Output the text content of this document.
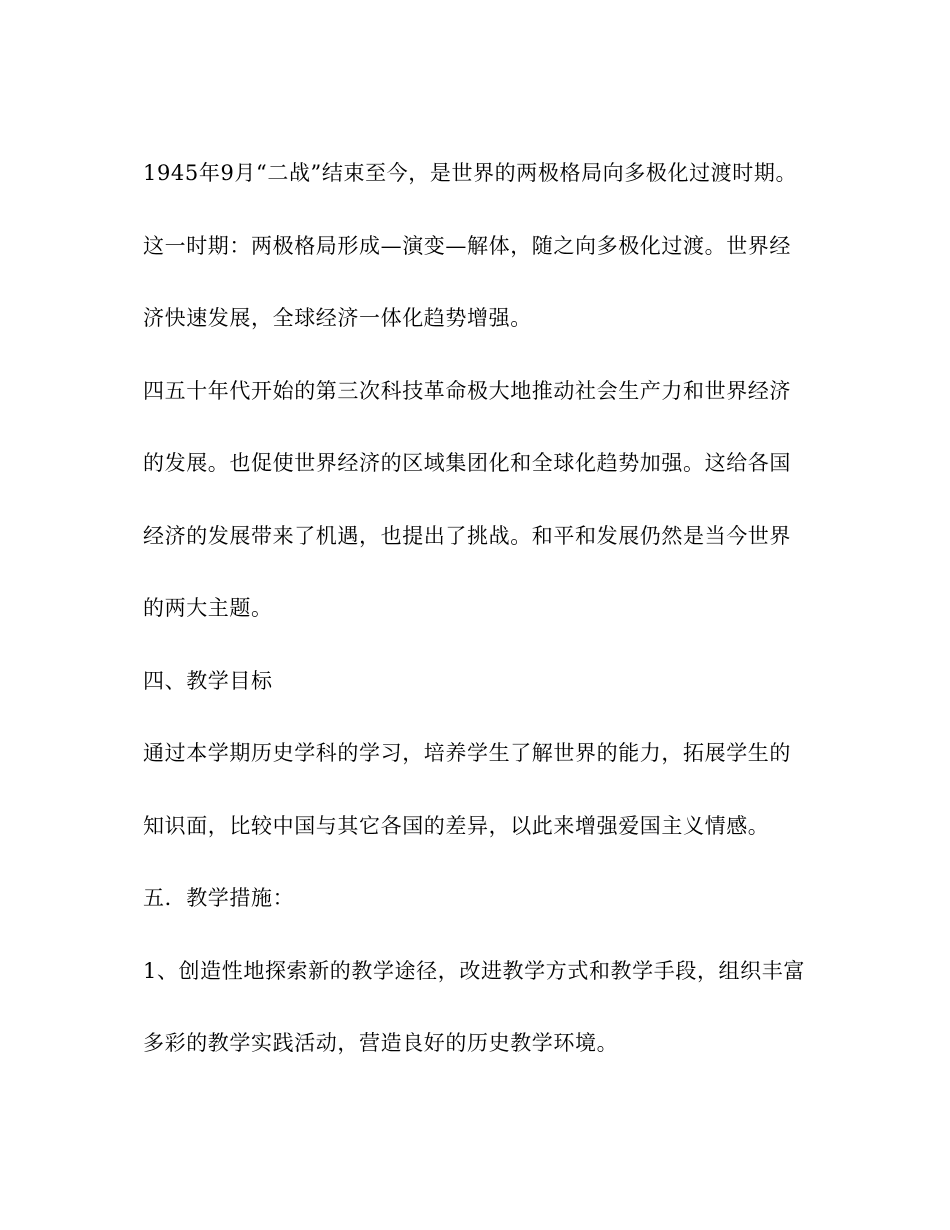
1945年9月“二战”结束至今，是世界的两极格局向多极化过渡时期。

这一时期：两极格局形成—演变—解体，随之向多极化过渡。世界经

济快速发展，全球经济一体化趋势增强。

四五十年代开始的第三次科技革命极大地推动社会生产力和世界经济

的发展。也促使世界经济的区域集团化和全球化趋势加强。这给各国

经济的发展带来了机遇，也提出了挑战。和平和发展仍然是当今世界

的两大主题。

四、教学目标

通过本学期历史学科的学习，培养学生了解世界的能力，拓展学生的

知识面，比较中国与其它各国的差异，以此来增强爱国主义情感。

五．教学措施：

1、创造性地探索新的教学途径，改进教学方式和教学手段，组织丰富

多彩的教学实践活动，营造良好的历史教学环境。
